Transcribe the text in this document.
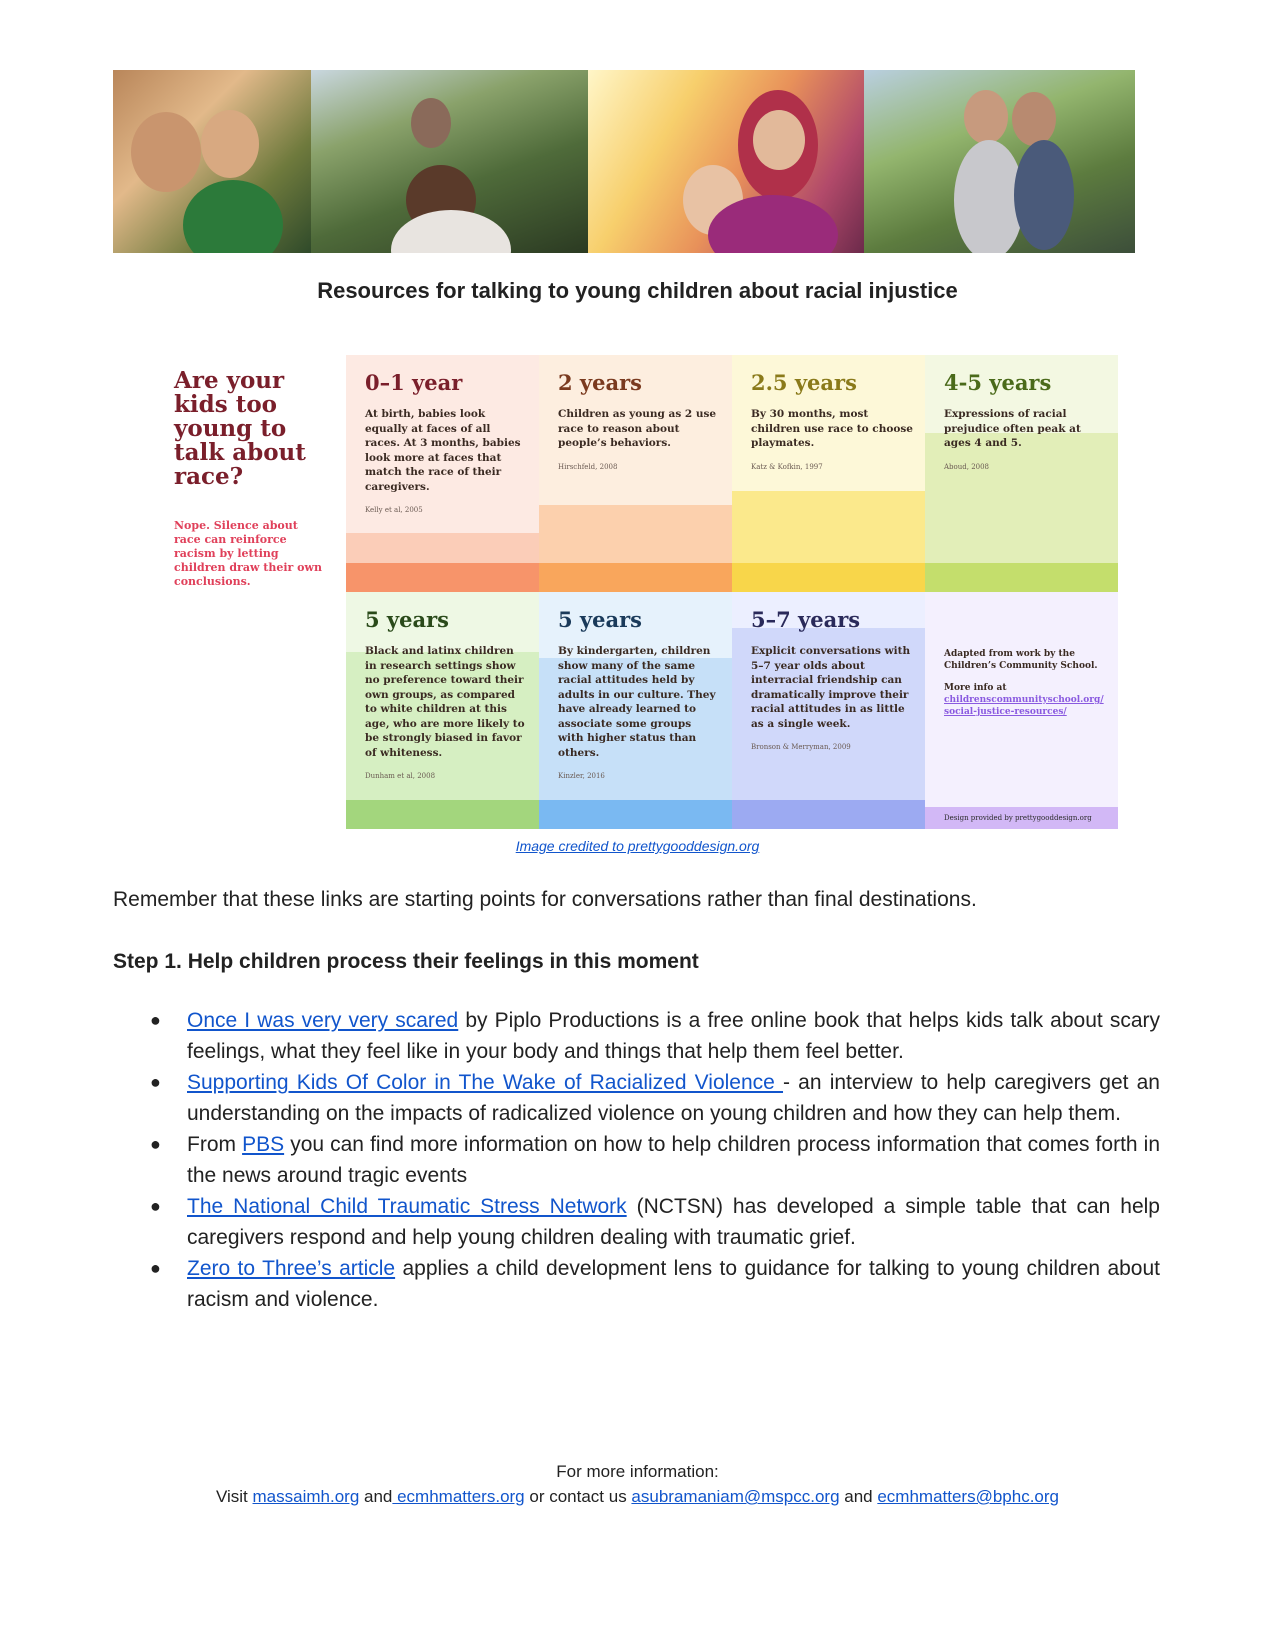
Resources for talking to young children about racial injustice

Are your kids too young to talk about race?

Nope. Silence about race can reinforce racism by letting children draw their own conclusions.

0–1 year

At birth, babies look equally at faces of all races. At 3 months, babies look more at faces that match the race of their caregivers.

Kelly et al, 2005

2 years

Children as young as 2 use race to reason about people’s behaviors.

Hirschfeld, 2008

2.5 years

By 30 months, most children use race to choose playmates.

Katz & Kofkin, 1997

4-5 years

Expressions of racial prejudice often peak at ages 4 and 5.

Aboud, 2008

5 years

Black and latinx children in research settings show no preference toward their own groups, as compared to white children at this age, who are more likely to be strongly biased in favor of whiteness.

Dunham et al, 2008

5 years

By kindergarten, children show many of the same racial attitudes held by adults in our culture. They have already learned to associate some groups with higher status than others.

Kinzler, 2016

5–7 years

Explicit conversations with 5–7 year olds about interracial friendship can dramatically improve their racial attitudes in as little as a single week.

Bronson & Merryman, 2009
Design provided by prettygooddesign.org

Adapted from work by the Children’s Community School.

More info at

childrenscommunityschool.org/ social-justice-resources/

Image credited to prettygooddesign.org
Remember that these links are starting points for conversations rather than final destinations.
Step 1. Help children process their feelings in this moment
● Once I was very very scared by Piplo Productions is a free online book that helps kids talk about scary feelings, what they feel like in your body and things that help them feel better.
● Supporting Kids Of Color in The Wake of Racialized Violence - an interview to help caregivers get an understanding on the impacts of radicalized violence on young children and how they can help them.
● From PBS you can find more information on how to help children process information that comes forth in the news around tragic events
● The National Child Traumatic Stress Network (NCTSN) has developed a simple table that can help caregivers respond and help young children dealing with traumatic grief.
● Zero to Three’s article applies a child development lens to guidance for talking to young children about racism and violence.
For more information:
Visit massaimh.org and ecmhmatters.org or contact us asubramaniam@mspcc.org and ecmhmatters@bphc.org
